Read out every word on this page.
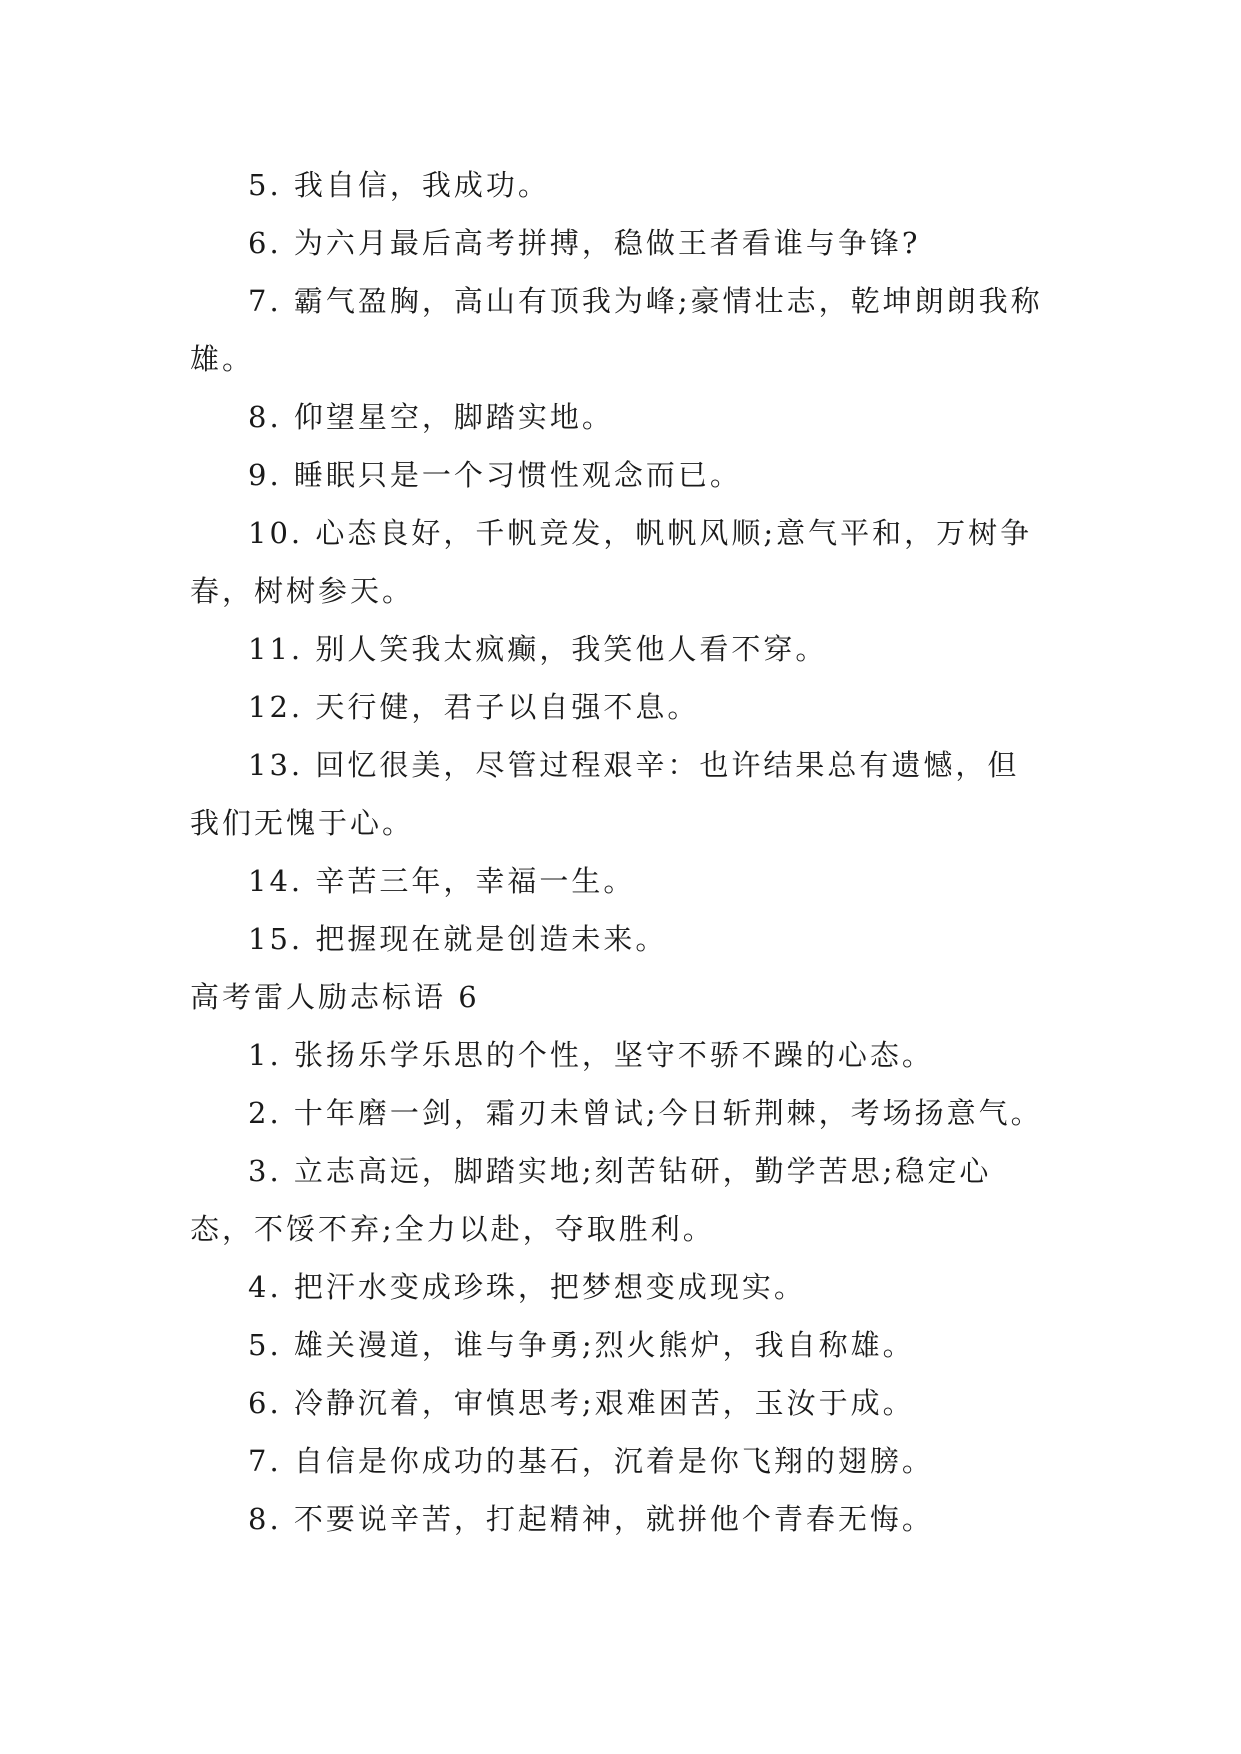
5. 我自信，我成功。

6. 为六月最后高考拼搏，稳做王者看谁与争锋?

7. 霸气盈胸，高山有顶我为峰;豪情壮志，乾坤朗朗我称雄。

8. 仰望星空，脚踏实地。

9. 睡眠只是一个习惯性观念而已。

10. 心态良好，千帆竞发，帆帆风顺;意气平和，万树争春，树树参天。

11. 别人笑我太疯癫，我笑他人看不穿。

12. 天行健，君子以自强不息。

13. 回忆很美，尽管过程艰辛：也许结果总有遗憾，但我们无愧于心。

14. 辛苦三年，幸福一生。

15. 把握现在就是创造未来。

高考雷人励志标语 6

1. 张扬乐学乐思的个性，坚守不骄不躁的心态。

2. 十年磨一剑，霜刃未曾试;今日斩荆棘，考场扬意气。

3. 立志高远，脚踏实地;刻苦钻研，勤学苦思;稳定心态，不馁不弃;全力以赴，夺取胜利。

4. 把汗水变成珍珠，把梦想变成现实。

5. 雄关漫道，谁与争勇;烈火熊炉，我自称雄。

6. 冷静沉着，审慎思考;艰难困苦，玉汝于成。

7. 自信是你成功的基石，沉着是你飞翔的翅膀。

8. 不要说辛苦，打起精神，就拼他个青春无悔。
